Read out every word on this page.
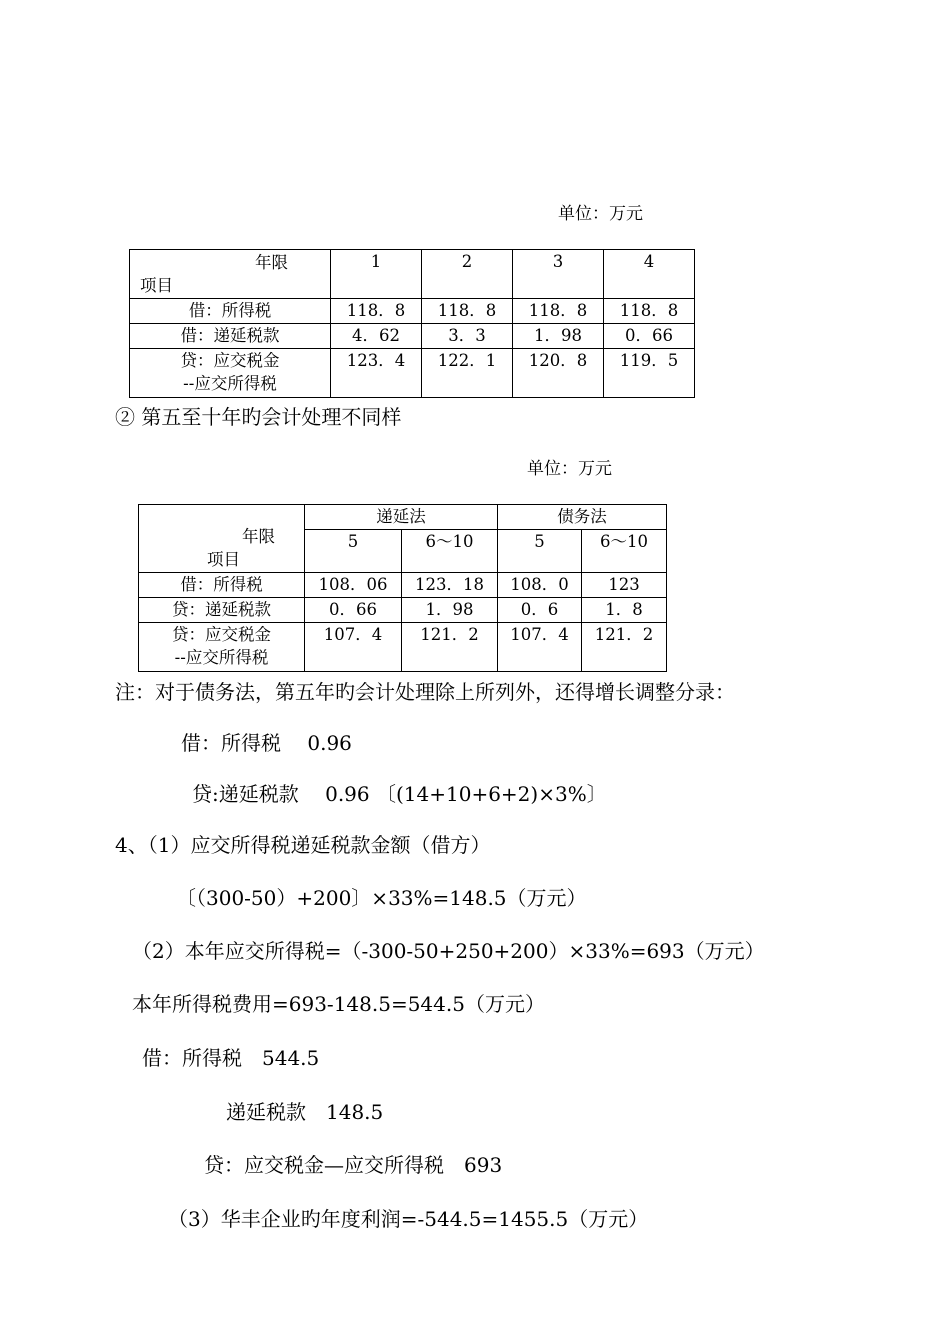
单位：万元
年限
项目	1	2	3	4
借：所得税	118．8	118．8	118．8	118．8
借：递延税款	4．62	3．3	1．98	0．66

贷：应交税金
--应交所得税	123．4	122．1	120．8	119．5
② 第五至十年旳会计处理不同样
单位：万元
年限
项目	递延法		债务法	
	5	6～10	5	6～10
借：所得税	108．06	123．18	108．0	123
贷：递延税款	0．66	1．98	0．6	1．8

贷：应交税金
--应交所得税	107．4	121．2	107．4	121．2
注：对于债务法，第五年旳会计处理除上所列外，还得增长调整分录：
借：所得税　 0.96
贷:递延税款　 0.96 〔(14+10+6+2)×3%〕
4、（1）应交所得税递延税款金额（借方）
〔（300-50）+200〕×33%=148.5（万元）
（2）本年应交所得税=（-300-50+250+200）×33%=693（万元）
本年所得税费用=693-148.5=544.5（万元）
借：所得税　544.5
递延税款　148.5
贷：应交税金—应交所得税　693
（3）华丰企业旳年度利润=-544.5=1455.5（万元）
